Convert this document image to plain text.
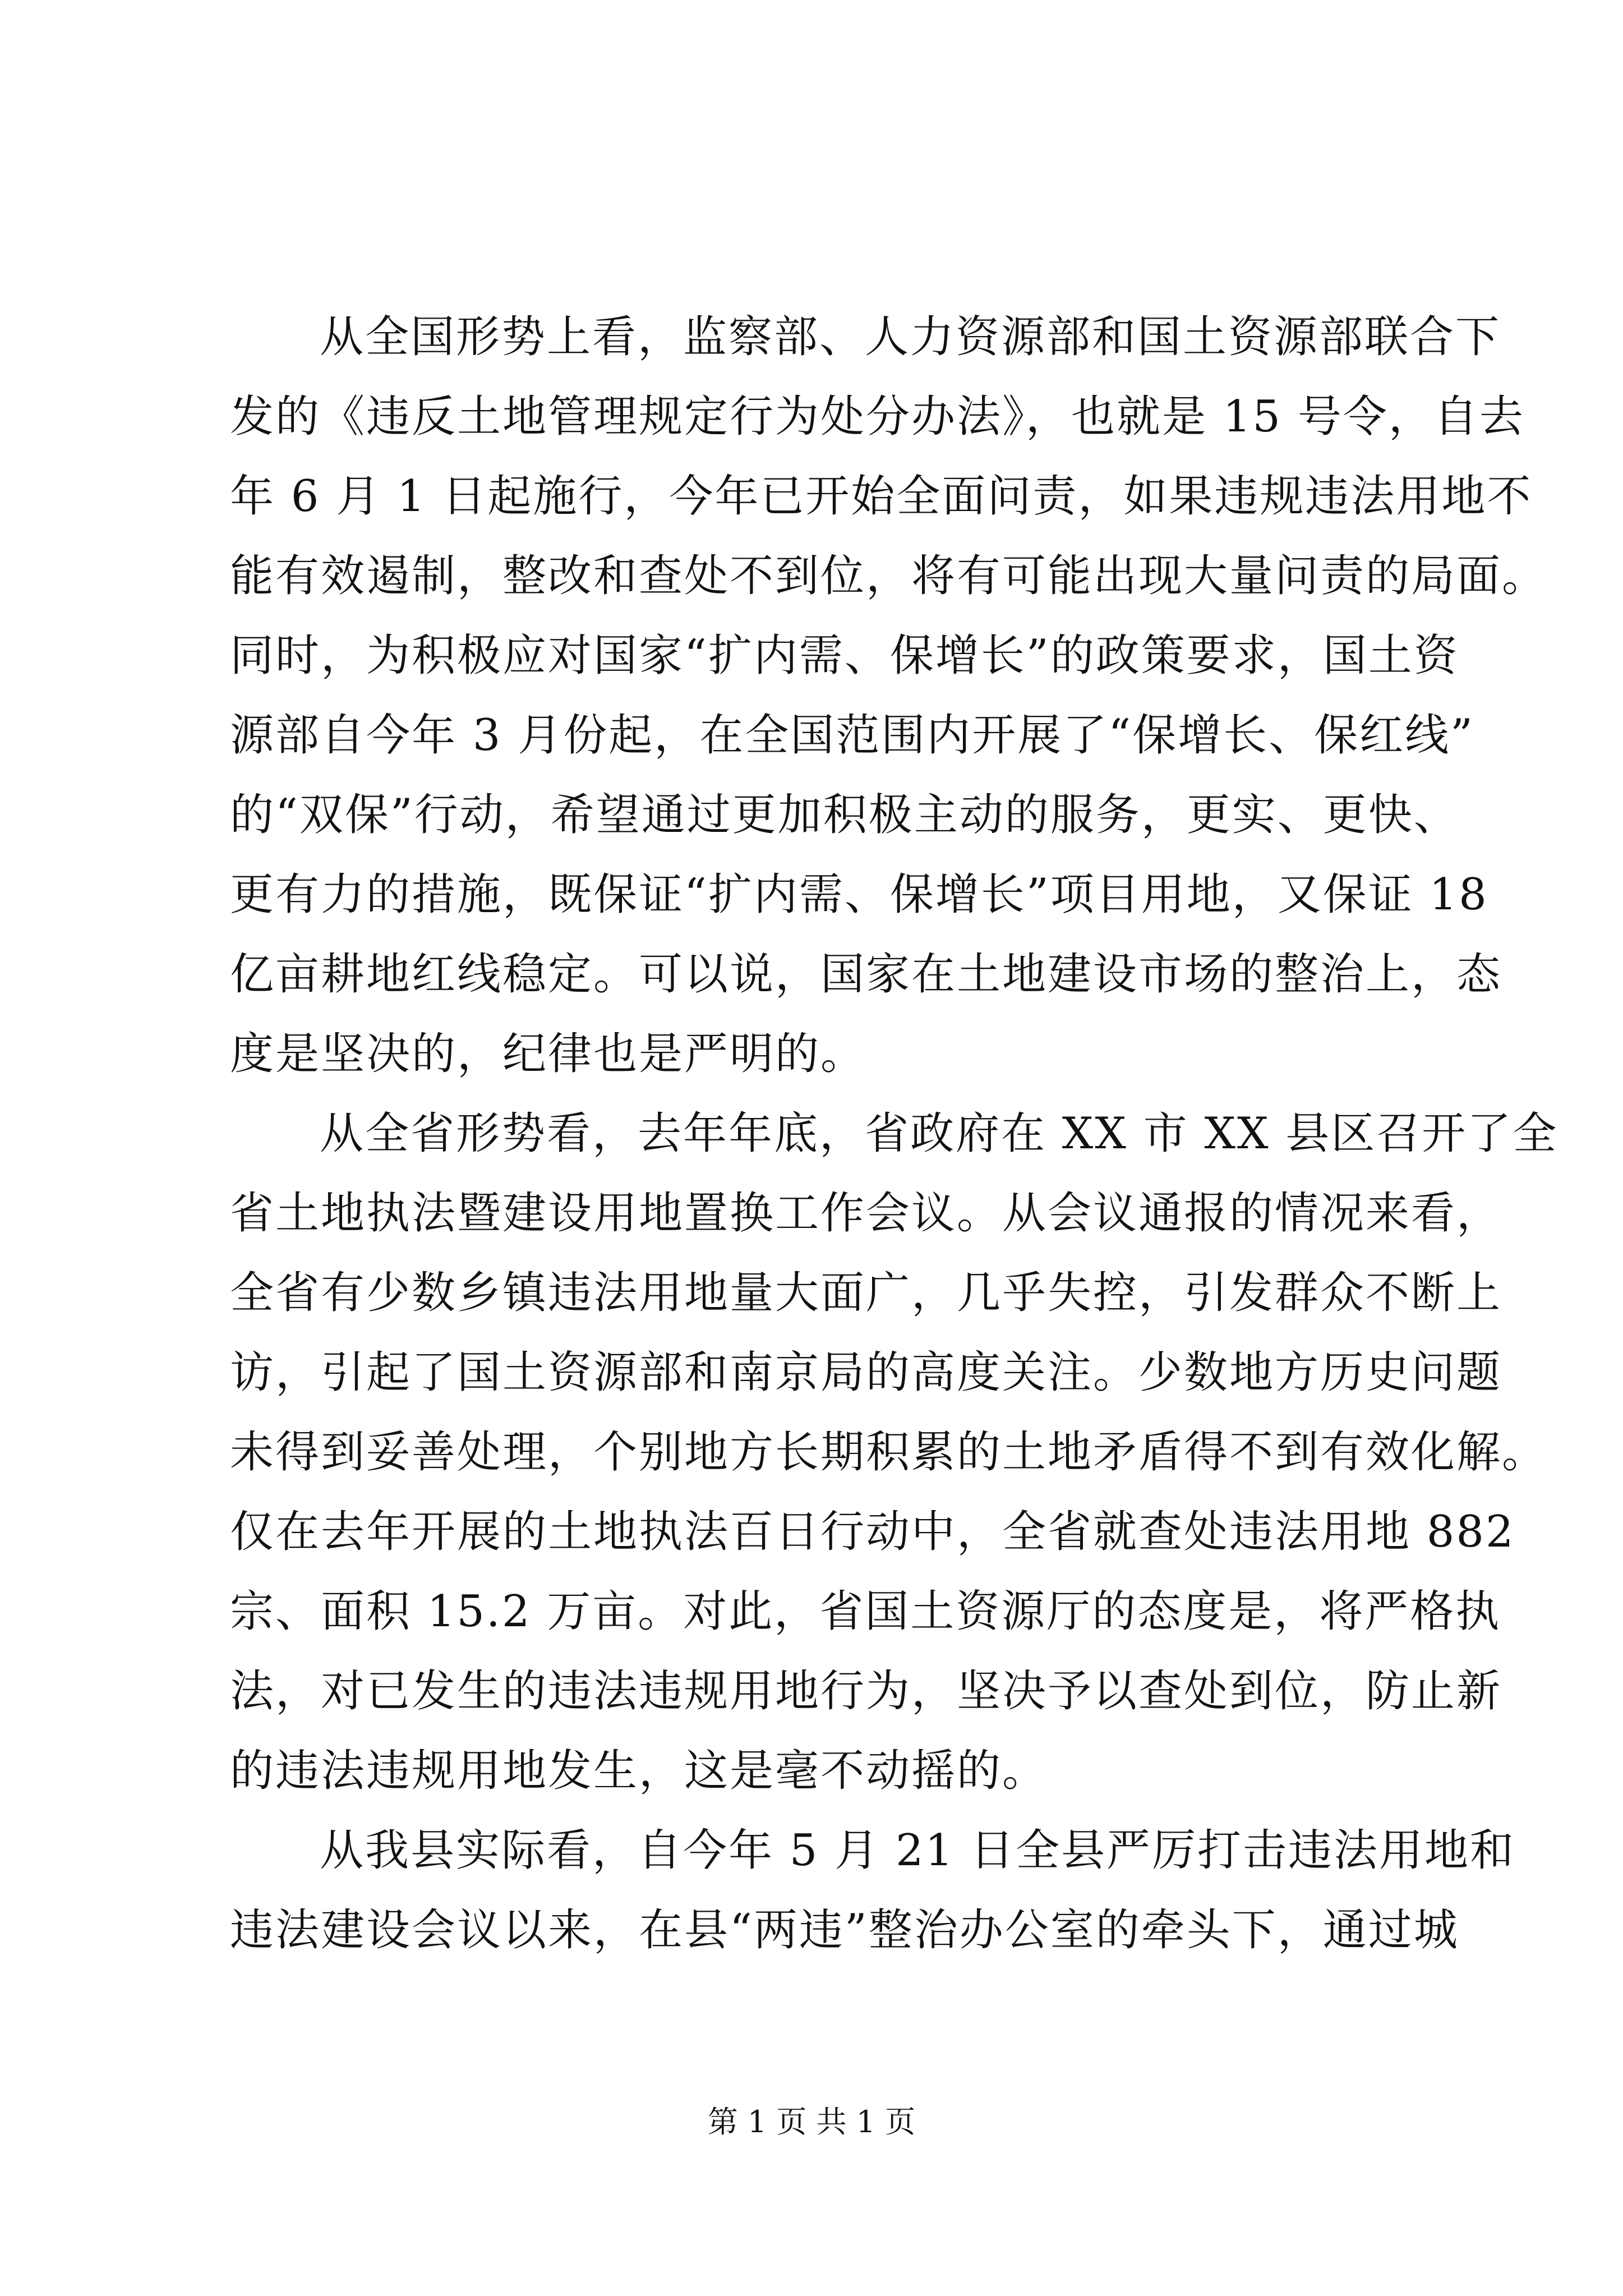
从全国形势上看，监察部、人力资源部和国土资源部联合下
发的《违反土地管理规定行为处分办法》，也就是 15 号令，自去
年 6 月 1 日起施行，今年已开始全面问责，如果违规违法用地不
能有效遏制，整改和查处不到位，将有可能出现大量问责的局面。
同时，为积极应对国家“扩内需、保增长”的政策要求，国土资
源部自今年 3 月份起，在全国范围内开展了“保增长、保红线”
的“双保”行动，希望通过更加积极主动的服务，更实、更快、
更有力的措施，既保证“扩内需、保增长”项目用地，又保证 18
亿亩耕地红线稳定。可以说，国家在土地建设市场的整治上，态
度是坚决的，纪律也是严明的。

从全省形势看，去年年底，省政府在 XX 市 XX 县区召开了全
省土地执法暨建设用地置换工作会议。从会议通报的情况来看，
全省有少数乡镇违法用地量大面广，几乎失控，引发群众不断上
访，引起了国土资源部和南京局的高度关注。少数地方历史问题
未得到妥善处理，个别地方长期积累的土地矛盾得不到有效化解。
仅在去年开展的土地执法百日行动中，全省就查处违法用地 882
宗、面积 15.2 万亩。对此，省国土资源厅的态度是，将严格执
法，对已发生的违法违规用地行为，坚决予以查处到位，防止新
的违法违规用地发生，这是毫不动摇的。

从我县实际看，自今年 5 月 21 日全县严厉打击违法用地和
违法建设会议以来，在县“两违”整治办公室的牵头下，通过城

第 1 页 共 1 页
